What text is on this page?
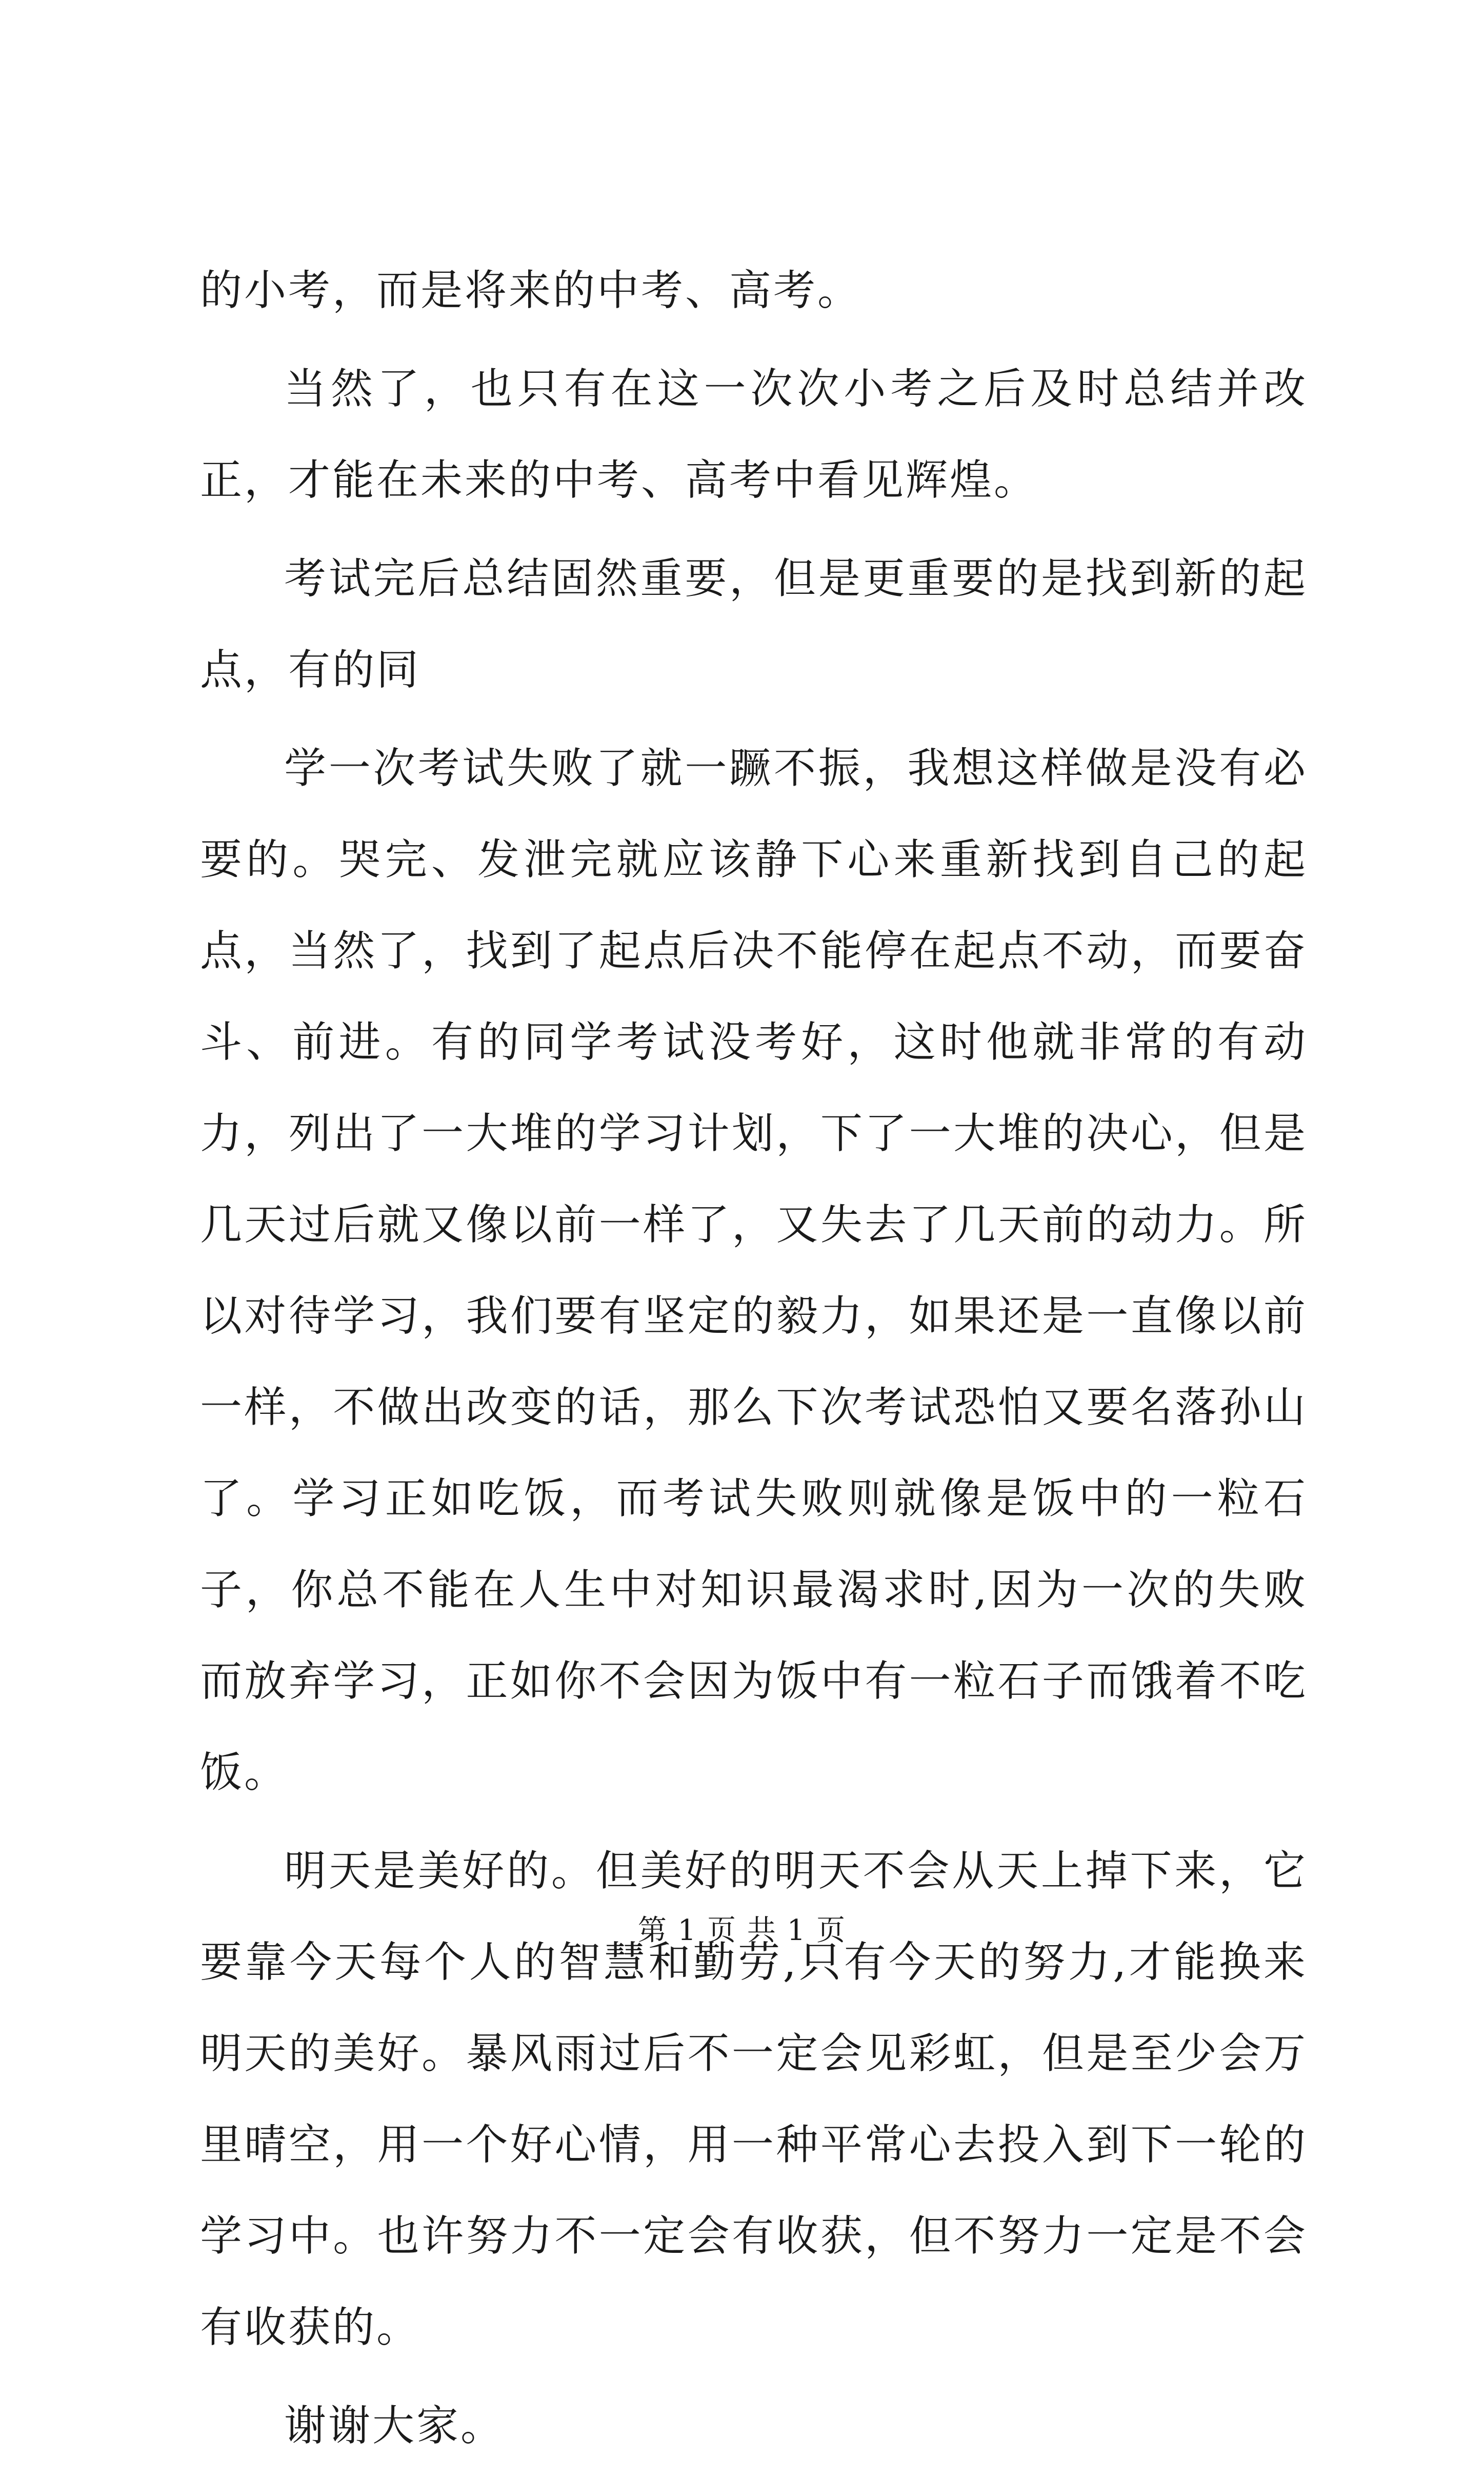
的小考，而是将来的中考、高考。

当然了，也只有在这一次次小考之后及时总结并改正，才能在未来的中考、高考中看见辉煌。

考试完后总结固然重要，但是更重要的是找到新的起点，有的同

学一次考试失败了就一蹶不振，我想这样做是没有必要的。哭完、发泄完就应该静下心来重新找到自己的起点，当然了，找到了起点后决不能停在起点不动，而要奋斗、前进。有的同学考试没考好，这时他就非常的有动力，列出了一大堆的学习计划，下了一大堆的决心，但是几天过后就又像以前一样了，又失去了几天前的动力。所以对待学习，我们要有坚定的毅力，如果还是一直像以前一样，不做出改变的话，那么下次考试恐怕又要名落孙山了。学习正如吃饭，而考试失败则就像是饭中的一粒石子，你总不能在人生中对知识最渴求时,因为一次的失败而放弃学习，正如你不会因为饭中有一粒石子而饿着不吃饭。

明天是美好的。但美好的明天不会从天上掉下来，它要靠今天每个人的智慧和勤劳,只有今天的努力,才能换来明天的美好。暴风雨过后不一定会见彩虹，但是至少会万里晴空，用一个好心情，用一种平常心去投入到下一轮的学习中。也许努力不一定会有收获，但不努力一定是不会有收获的。

谢谢大家。

第 1 页 共 1 页
